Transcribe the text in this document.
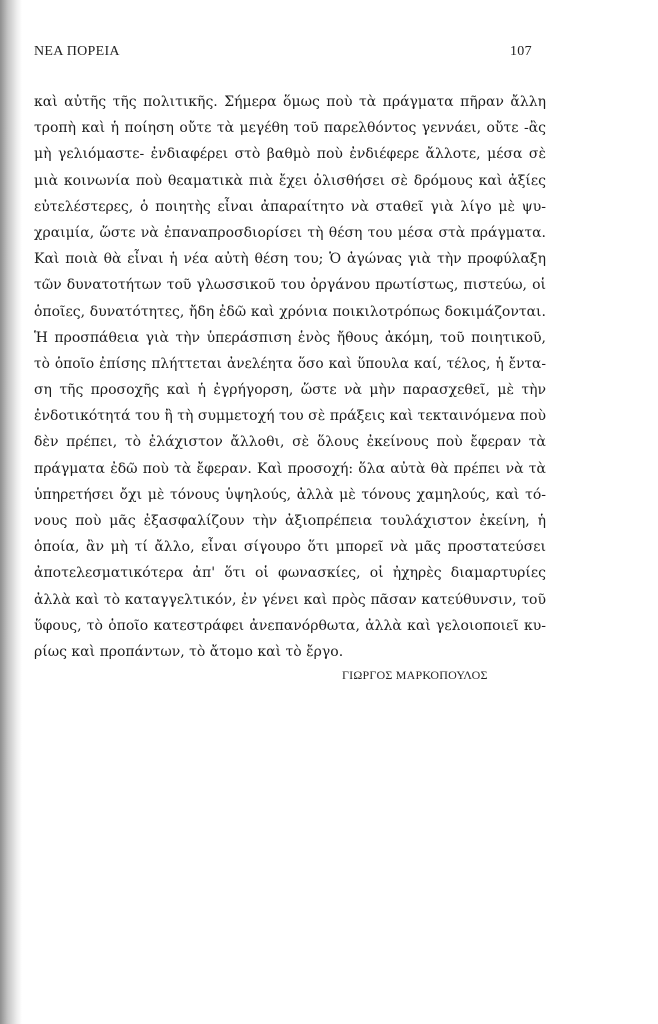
ΝΕΑ ΠΟΡΕΙΑ	107
καὶ αὐτῆς τῆς πολιτικῆς. Σήμερα ὅμως ποὺ τὰ πράγματα πῆραν ἄλλη
τροπὴ καὶ ἡ ποίηση οὔτε τὰ μεγέθη τοῦ παρελθόντος γεννάει, οὔτε -ἂς
μὴ γελιόμαστε- ἐνδιαφέρει στὸ βαθμὸ ποὺ ἐνδιέφερε ἄλλοτε, μέσα σὲ
μιὰ κοινωνία ποὺ θεαματικὰ πιὰ ἔχει ὀλισθήσει σὲ δρόμους καὶ ἀξίες
εὐτελέστερες, ὁ ποιητὴς εἶναι ἀπαραίτητο νὰ σταθεῖ γιὰ λίγο μὲ ψυ-
χραιμία, ὥστε νὰ ἐπαναπροσδιορίσει τὴ θέση του μέσα στὰ πράγματα.
Καὶ ποιὰ θὰ εἶναι ἡ νέα αὐτὴ θέση του; Ὁ ἀγώνας γιὰ τὴν προφύλαξη
τῶν δυνατοτήτων τοῦ γλωσσικοῦ του ὀργάνου πρωτίστως, πιστεύω, οἱ
ὁποῖες, δυνατότητες, ἤδη ἐδῶ καὶ χρόνια ποικιλοτρόπως δοκιμάζονται.
Ἡ προσπάθεια γιὰ τὴν ὑπεράσπιση ἑνὸς ἤθους ἀκόμη, τοῦ ποιητικοῦ,
τὸ ὁποῖο ἐπίσης πλήττεται ἀνελέητα ὅσο καὶ ὕπουλα καί, τέλος, ἡ ἔντα-
ση τῆς προσοχῆς καὶ ἡ ἐγρήγορση, ὥστε νὰ μὴν παρασχεθεῖ, μὲ τὴν
ἐνδοτικότητά του ἢ τὴ συμμετοχή του σὲ πράξεις καὶ τεκταινόμενα ποὺ
δὲν πρέπει, τὸ ἐλάχιστον ἄλλοθι, σὲ ὅλους ἐκείνους ποὺ ἔφεραν τὰ
πράγματα ἐδῶ ποὺ τὰ ἔφεραν. Καὶ προσοχή: ὅλα αὐτὰ θὰ πρέπει νὰ τὰ
ὑπηρετήσει ὄχι μὲ τόνους ὑψηλούς, ἀλλὰ μὲ τόνους χαμηλούς, καὶ τό-
νους ποὺ μᾶς ἐξασφαλίζουν τὴν ἀξιοπρέπεια τουλάχιστον ἐκείνη, ἡ
ὁποία, ἂν μὴ τί ἄλλο, εἶναι σίγουρο ὅτι μπορεῖ νὰ μᾶς προστατεύσει
ἀποτελεσματικότερα ἀπ' ὅτι οἱ φωνασκίες, οἱ ἠχηρὲς διαμαρτυρίες
ἀλλὰ καὶ τὸ καταγγελτικόν, ἐν γένει καὶ πρὸς πᾶσαν κατεύθυνσιν, τοῦ
ὕφους, τὸ ὁποῖο κατεστράφει ἀνεπανόρθωτα, ἀλλὰ καὶ γελοιοποιεῖ κυ-
ρίως καὶ προπάντων, τὸ ἄτομο καὶ τὸ ἔργο.
ΓΙΩΡΓΟΣ ΜΑΡΚΟΠΟΥΛΟΣ
